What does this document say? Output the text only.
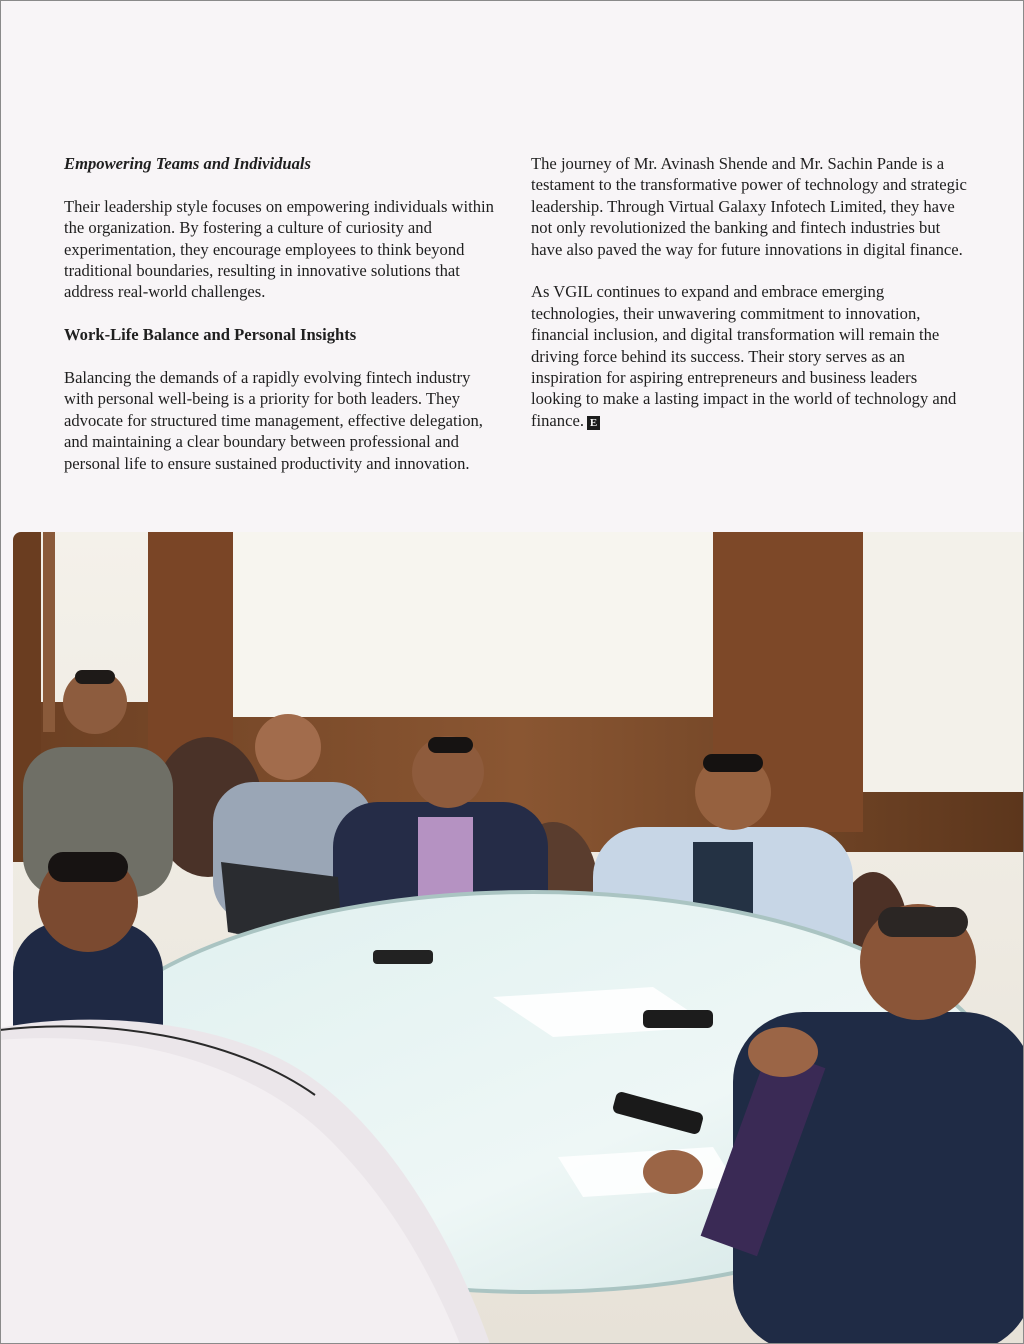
Empowering Teams and Individuals

Their leadership style focuses on empowering individuals within the organization. By fostering a culture of curiosity and experimentation, they encourage employees to think beyond traditional boundaries, resulting in innovative solutions that address real-world challenges.

Work-Life Balance and Personal Insights

Balancing the demands of a rapidly evolving fintech industry with personal well-being is a priority for both leaders. They advocate for structured time management, effective delegation, and maintaining a clear boundary between professional and personal life to ensure sustained productivity and innovation.

The journey of Mr. Avinash Shende and Mr. Sachin Pande is a testament to the transformative power of technology and strategic leadership. Through Virtual Galaxy Infotech Limited, they have not only revolutionized the banking and fintech industries but have also paved the way for future innovations in digital finance.

As VGIL continues to expand and embrace emerging technologies, their unwavering commitment to innovation, financial inclusion, and digital transformation will remain the driving force behind its success. Their story serves as an inspiration for aspiring entrepreneurs and business leaders looking to make a lasting impact in the world of technology and finance. E
